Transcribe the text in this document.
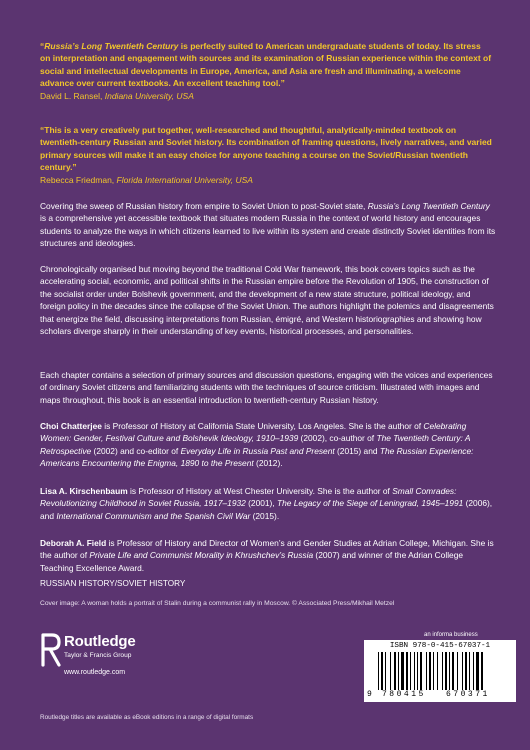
“Russia’s Long Twentieth Century is perfectly suited to American undergraduate students of today. Its stress on interpretation and engagement with sources and its examination of Russian experience within the context of social and intellectual developments in Europe, America, and Asia are fresh and illuminating, a welcome advance over current textbooks. An excellent teaching tool.”
David L. Ransel, Indiana University, USA
“This is a very creatively put together, well-researched and thoughtful, analytically-minded textbook on twentieth-century Russian and Soviet history. Its combination of framing questions, lively narratives, and varied primary sources will make it an easy choice for anyone teaching a course on the Soviet/Russian twentieth century.”
Rebecca Friedman, Florida International University, USA
Covering the sweep of Russian history from empire to Soviet Union to post-Soviet state, Russia’s Long Twentieth Century is a comprehensive yet accessible textbook that situates modern Russia in the context of world history and encourages students to analyze the ways in which citizens learned to live within its system and create distinctly Soviet identities from its structures and ideologies.
Chronologically organised but moving beyond the traditional Cold War framework, this book covers topics such as the accelerating social, economic, and political shifts in the Russian empire before the Revolution of 1905, the construction of the socialist order under Bolshevik government, and the development of a new state structure, political ideology, and foreign policy in the decades since the collapse of the Soviet Union. The authors highlight the polemics and disagreements that energize the field, discussing interpretations from Russian, émigré, and Western historiographies and showing how scholars diverge sharply in their understanding of key events, historical processes, and personalities.
Each chapter contains a selection of primary sources and discussion questions, engaging with the voices and experiences of ordinary Soviet citizens and familiarizing students with the techniques of source criticism. Illustrated with images and maps throughout, this book is an essential introduction to twentieth-century Russian history.
Choi Chatterjee is Professor of History at California State University, Los Angeles. She is the author of Celebrating Women: Gender, Festival Culture and Bolshevik Ideology, 1910–1939 (2002), co-author of The Twentieth Century: A Retrospective (2002) and co-editor of Everyday Life in Russia Past and Present (2015) and The Russian Experience: Americans Encountering the Enigma, 1890 to the Present (2012).
Lisa A. Kirschenbaum is Professor of History at West Chester University. She is the author of Small Comrades: Revolutionizing Childhood in Soviet Russia, 1917–1932 (2001), The Legacy of the Siege of Leningrad, 1945–1991 (2006), and International Communism and the Spanish Civil War (2015).
Deborah A. Field is Professor of History and Director of Women’s and Gender Studies at Adrian College, Michigan. She is the author of Private Life and Communist Morality in Khrushchev’s Russia (2007) and winner of the Adrian College Teaching Excellence Award.
RUSSIAN HISTORY/SOVIET HISTORY
Cover image: A woman holds a portrait of Stalin during a communist rally in Moscow. © Associated Press/Mikhail Metzel
Routledge
Taylor & Francis Group
www.routledge.com
an informa business
ISBN 978-0-415-67037-1
9 780415	670371
Routledge titles are available as eBook editions in a range of digital formats
